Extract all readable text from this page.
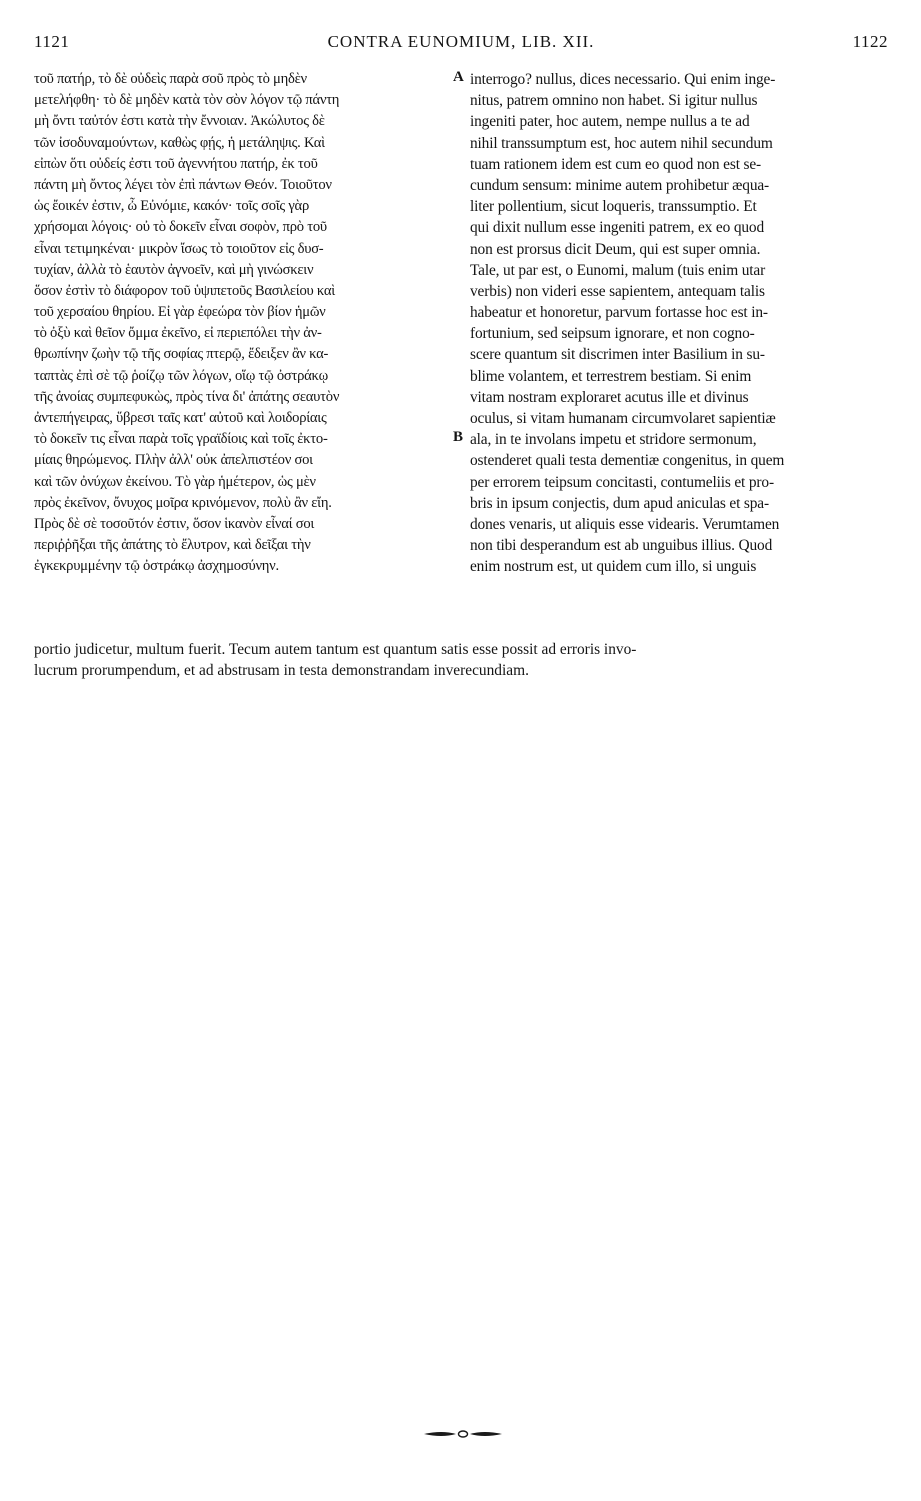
1121	CONTRA EUNOMIUM, LIB. XII.	1122
τοῦ πατήρ, τὸ δὲ οὐδεὶς παρὰ σοῦ πρὸς τὸ μηδὲν
μετελήφθη· τὸ δὲ μηδὲν κατὰ τὸν σὸν λόγον τῷ πάντη
μὴ ὄντι ταὐτόν ἐστι κατὰ τὴν ἔννοιαν. Ἀκώλυτος δὲ
τῶν ἰσοδυναμούντων, καθὼς φῄς, ἡ μετάληψις. Καὶ
εἰπὼν ὅτι οὐδείς ἐστι τοῦ ἀγεννήτου πατήρ, ἐκ τοῦ
πάντη μὴ ὄντος λέγει τὸν ἐπὶ πάντων Θεόν. Τοιοῦτον
ὡς ἔοικέν ἐστιν, ὦ Εὐνόμιε, κακόν· τοῖς σοῖς γὰρ
χρήσομαι λόγοις· οὐ τὸ δοκεῖν εἶναι σοφὸν, πρὸ τοῦ
εἶναι τετιμηκέναι· μικρὸν ἴσως τὸ τοιοῦτον εἰς δυσ-
τυχίαν, ἀλλὰ τὸ ἑαυτὸν ἀγνοεῖν, καὶ μὴ γινώσκειν
ὅσον ἐστὶν τὸ διάφορον τοῦ ὑψιπετοῦς Βασιλείου καὶ
τοῦ χερσαίου θηρίου. Εἰ γὰρ ἐφεώρα τὸν βίον ἡμῶν
τὸ ὀξὺ καὶ θεῖον ὄμμα ἐκεῖνο, εἰ περιεπόλει τὴν ἀν-
θρωπίνην ζωὴν τῷ τῆς σοφίας πτερῷ, ἔδειξεν ἂν κα-
ταπτὰς ἐπὶ σὲ τῷ ῥοίζῳ τῶν λόγων, οἵῳ τῷ ὀστράκῳ
τῆς ἀνοίας συμπεφυκὼς, πρὸς τίνα δι' ἀπάτης σεαυτὸν
ἀντεπήγειρας, ὕβρεσι ταῖς κατ' αὐτοῦ καὶ λοιδορίαις
τὸ δοκεῖν τις εἶναι παρὰ τοῖς γραϊδίοις καὶ τοῖς ἐκτο-
μίαις θηρώμενος. Πλὴν ἀλλ' οὐκ ἀπελπιστέον σοι
καὶ τῶν ὀνύχων ἐκείνου. Τὸ γὰρ ἡμέτερον, ὡς μὲν
πρὸς ἐκεῖνον, ὄνυχος μοῖρα κρινόμενον, πολὺ ἂν εἴη.
Πρὸς δὲ σὲ τοσοῦτόν ἐστιν, ὅσον ἱκανὸν εἶναί σοι
περιῤῥῆξαι τῆς ἀπάτης τὸ ἔλυτρον, καὶ δεῖξαι τὴν
ἐγκεκρυμμένην τῷ ὀστράκῳ ἀσχημοσύνην.
interrogo? nullus, dices necessario. Qui enim inge-
nitus, patrem omnino non habet. Si igitur nullus
ingeniti pater, hoc autem, nempe nullus a te ad
nihil transsumptum est, hoc autem nihil secundum
tuam rationem idem est cum eo quod non est se-
cundum sensum: minime autem prohibetur æqua-
liter pollentium, sicut loqueris, transsumptio. Et
qui dixit nullum esse ingeniti patrem, ex eo quod
non est prorsus dicit Deum, qui est super omnia.
Tale, ut par est, o Eunomi, malum (tuis enim utar
verbis) non videri esse sapientem, antequam talis
habeatur et honoretur, parvum fortasse hoc est in-
fortunium, sed seipsum ignorare, et non cogno-
scere quantum sit discrimen inter Basilium in su-
blime volantem, et terrestrem bestiam. Si enim
vitam nostram exploraret acutus ille et divinus
oculus, si vitam humanam circumvolaret sapientiæ
ala, in te involans impetu et stridore sermonum,
ostenderet quali testa dementiæ congenitus, in quem
per errorem teipsum concitasti, contumeliis et pro-
bris in ipsum conjectis, dum apud aniculas et spa-
dones venaris, ut aliquis esse videaris. Verumtamen
non tibi desperandum est ab unguibus illius. Quod
enim nostrum est, ut quidem cum illo, si unguis
A
B
portio judicetur, multum fuerit. Tecum autem tantum est quantum satis esse possit ad erroris invo-
lucrum prorumpendum, et ad abstrusam in testa demonstrandam inverecundiam.
